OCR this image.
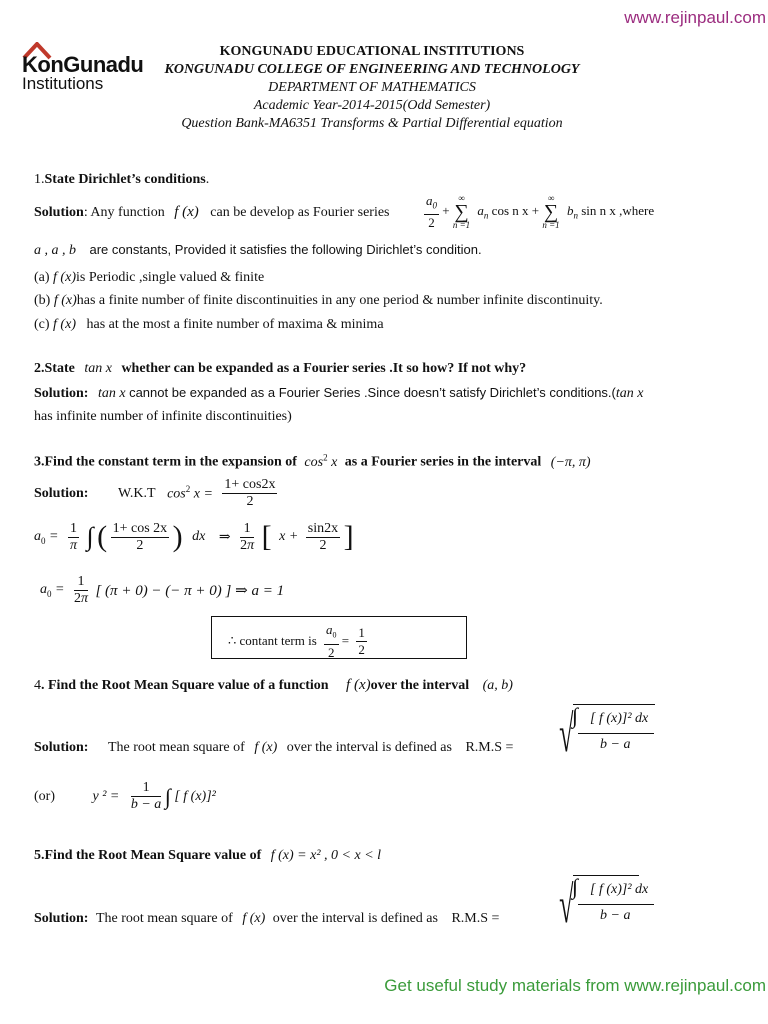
www.rejinpaul.com
Get useful study materials from www.rejinpaul.com
KonGunadu
Institutions
KONGUNADU EDUCATIONAL INSTITUTIONS
KONGUNADU COLLEGE OF ENGINEERING AND TECHNOLOGY
DEPARTMENT OF MATHEMATICS
Academic Year-2014-2015(Odd Semester)
Question Bank-MA6351 Transforms & Partial Differential equation
1.State Dirichlet’s conditions.
Solution: Any function f (x) can be develop as Fourier series	$\frac{a_0}{2}$ +
∞
∑
n =1
$a_n$ cos n x +
∞
∑
n =1
$b_n$ sin n x ,where
a , a , b are constants, Provided it satisfies the following Dirichlet’s condition.
(a) f (x)is Periodic ,single valued & finite
(b) f (x)has a finite number of finite discontinuities in any one period & number infinite discontinuity.
(c) f (x) has at the most a finite number of maxima & minima
2.State tan x whether can be expanded as a Fourier series .It so how? If not why?
Solution: tan x cannot be expanded as a Fourier Series .Since doesn’t satisfy Dirichlet’s conditions.(tan x
has infinite number of infinite discontinuities)
3.Find the constant term in the expansion of $\cos^2 x$ as a Fourier series in the interval (−π, π)
Solution: W.K.T $\cos^2 x = \frac{1+ \cos 2x}{2}$
$a_0 = \frac{1}{\pi}$ ∫ ( $\frac{1+ \cos 2x}{2}$ ) dx ⇒ $\frac{1}{2\pi}$ [ $x + \frac{\sin 2x}{2}$ ]
$a_0 = \frac{1}{2\pi}$ [ (π + 0) − (− π + 0) ] ⇒ a = 1
∴ contant term is $\frac{a_0}{2} = \frac{1}{2}$
4. Find the Root Mean Square value of a function f (x)over the interval (a, b)
Solution: The root mean square of f (x) over the interval is defined as R.M.S = √
∫ [ f (x)]² dx
b − a
(or)	y $^2 = \frac{1}{b - a}$ ∫ [ f (x)]²
5.Find the Root Mean Square value of f (x) = x² , 0 < x < l
Solution: The root mean square of f (x) over the interval is defined as R.M.S = √
∫ [ f (x)]² dx
b − a
